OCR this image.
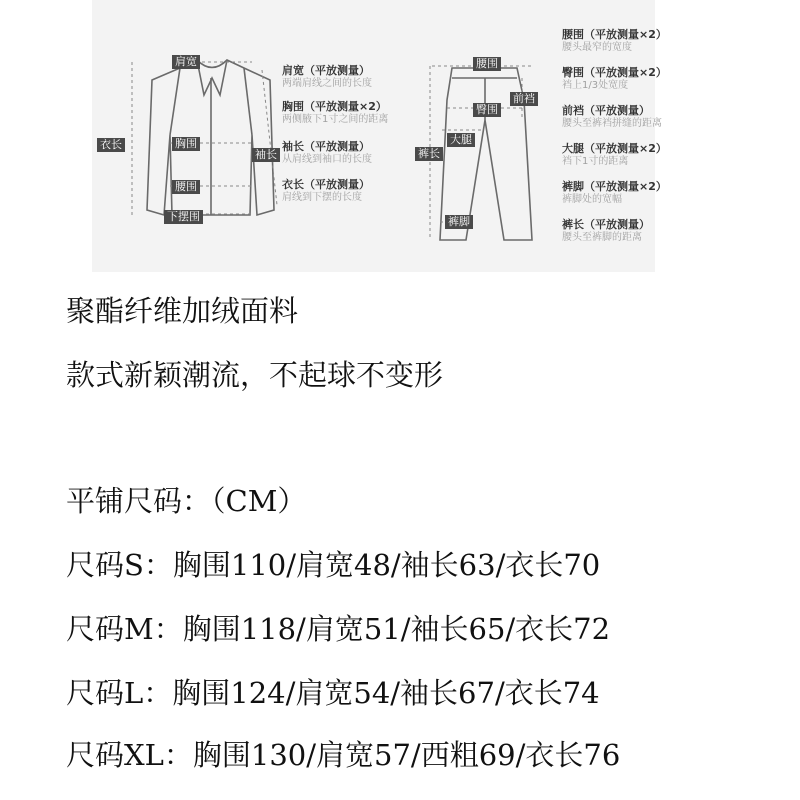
肩宽
衣长	胸围
袖长
腰围
下摆围
腰围
前裆
裤长
臀围
大腿
裤脚
肩宽（平放测量）
两端肩线之间的长度
胸围（平放测量×2）
两侧腋下1寸之间的距离
袖长（平放测量）
从肩线到袖口的长度
衣长（平放测量）
肩线到下摆的长度
腰围（平放测量×2）
腰头最窄的宽度
臀围（平放测量×2）
裆上1/3处宽度
前裆（平放测量）
腰头至裤裆拼缝的距离
大腿（平放测量×2）
裆下1寸的距离
裤脚（平放测量×2）
裤脚处的宽幅
裤长（平放测量）
腰头至裤脚的距离
聚酯纤维加绒面料
款式新颖潮流，不起球不变形
平铺尺码：（CM）
尺码S：胸围110/肩宽48/袖长63/衣长70
尺码M：胸围118/肩宽51/袖长65/衣长72
尺码L：胸围124/肩宽54/袖长67/衣长74
尺码XL：胸围130/肩宽57/西粗69/衣长76
